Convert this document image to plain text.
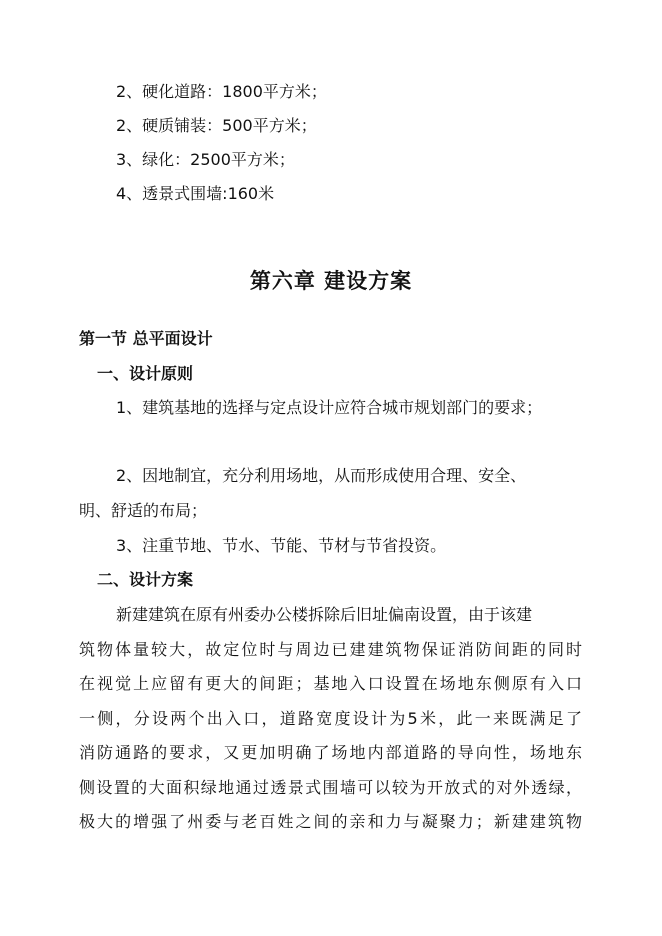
2、硬化道路：1800平方米；
2、硬质铺装：500平方米；
3、绿化：2500平方米；
4、透景式围墙:160米
第六章 建设方案
第一节 总平面设计
一、设计原则
1、建筑基地的选择与定点设计应符合城市规划部门的要求；
2、因地制宜，充分利用场地，从而形成使用合理、安全、
明、舒适的布局；
3、注重节地、节水、节能、节材与节省投资。
二、设计方案
新建建筑在原有州委办公楼拆除后旧址偏南设置，由于该建
筑物体量较大，故定位时与周边已建建筑物保证消防间距的同时
在视觉上应留有更大的间距；基地入口设置在场地东侧原有入口
一侧，分设两个出入口，道路宽度设计为5米，此一来既满足了
消防通路的要求，又更加明确了场地内部道路的导向性，场地东
侧设置的大面积绿地通过透景式围墙可以较为开放式的对外透绿，
极大的增强了州委与老百姓之间的亲和力与凝聚力；新建建筑物
